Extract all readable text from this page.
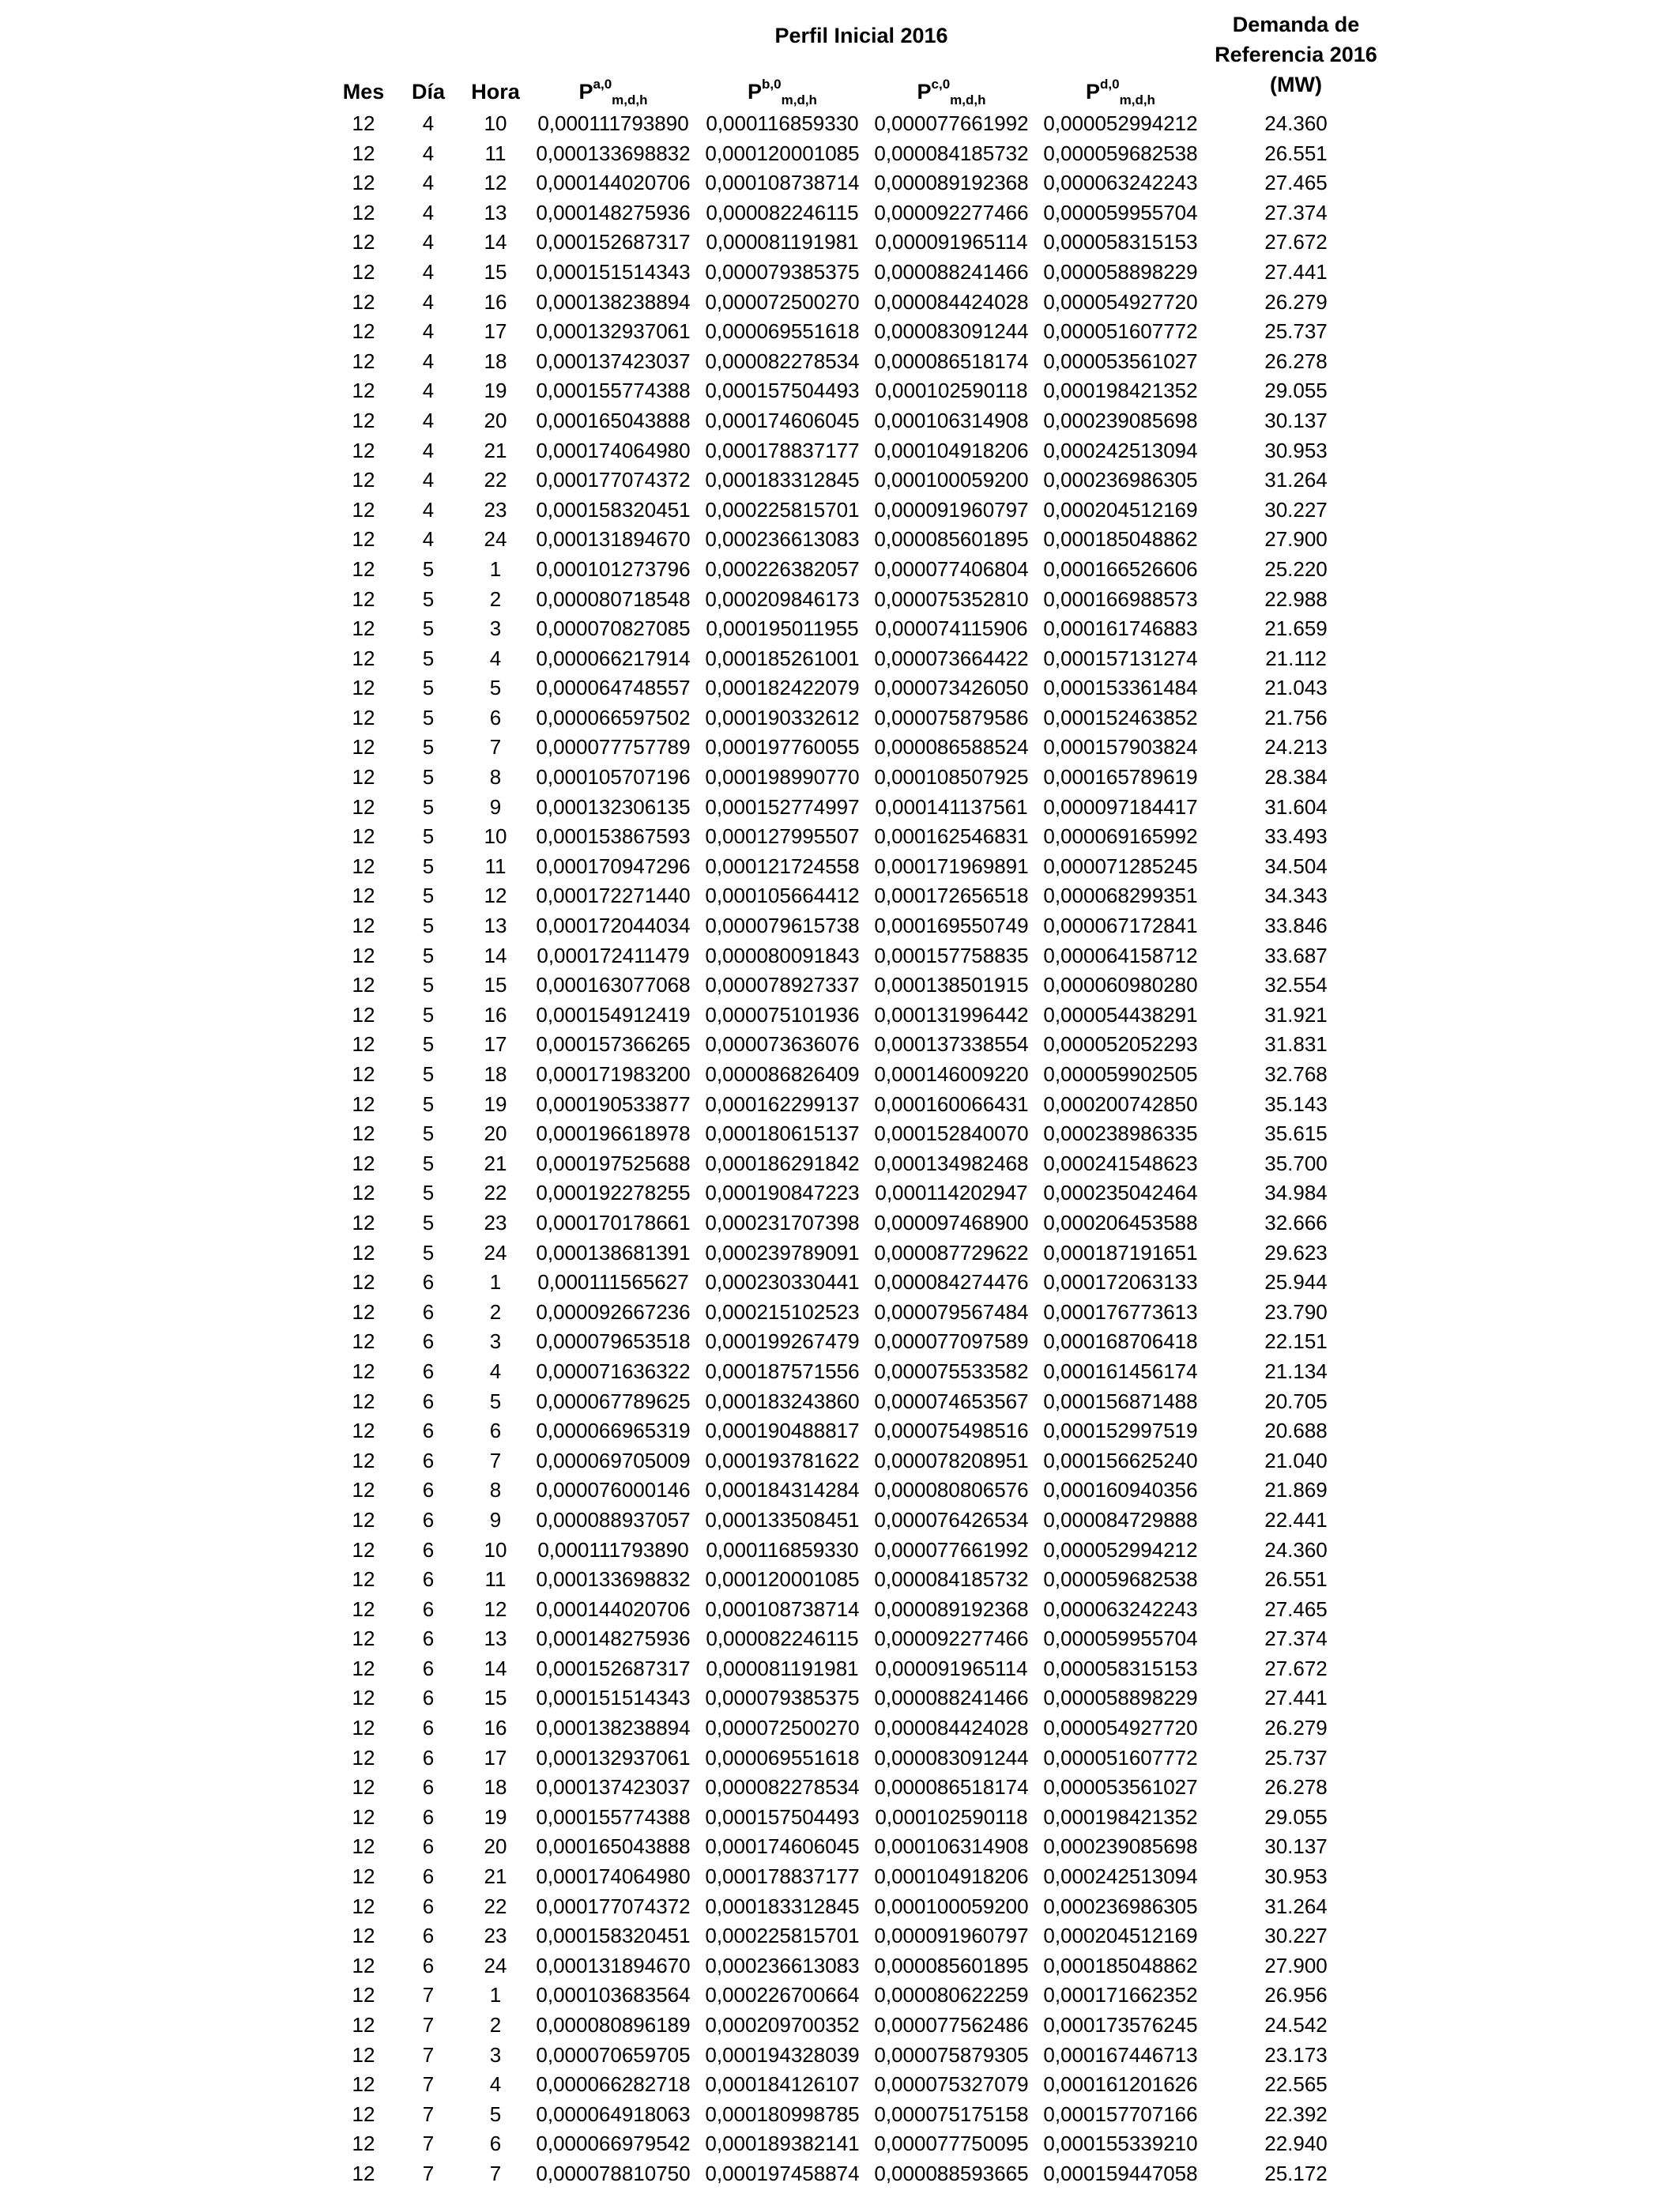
Perfil Inicial 2016	Demanda de
Referencia 2016
(MW)
Mes	Día	Hora	P$^{a,0}_{m,d,h}$	P$^{b,0}_{m,d,h}$	P$^{c,0}_{m,d,h}$	P$^{d,0}_{m,d,h}$
12	4	10	0,000111793890 0,000116859330 0,000077661992 0,000052994212	24.360
12	4	11	0,000133698832 0,000120001085 0,000084185732 0,000059682538	26.551
12	4	12	0,000144020706 0,000108738714 0,000089192368 0,000063242243	27.465
12	4	13	0,000148275936 0,000082246115 0,000092277466 0,000059955704	27.374
12	4	14	0,000152687317 0,000081191981 0,000091965114 0,000058315153	27.672
12	4	15	0,000151514343 0,000079385375 0,000088241466 0,000058898229	27.441
12	4	16	0,000138238894 0,000072500270 0,000084424028 0,000054927720	26.279
12	4	17	0,000132937061 0,000069551618 0,000083091244 0,000051607772	25.737
12	4	18	0,000137423037 0,000082278534 0,000086518174 0,000053561027	26.278
12	4	19	0,000155774388 0,000157504493 0,000102590118 0,000198421352	29.055
12	4	20	0,000165043888 0,000174606045 0,000106314908 0,000239085698	30.137
12	4	21	0,000174064980 0,000178837177 0,000104918206 0,000242513094	30.953
12	4	22	0,000177074372 0,000183312845 0,000100059200 0,000236986305	31.264
12	4	23	0,000158320451 0,000225815701 0,000091960797 0,000204512169	30.227
12	4	24	0,000131894670 0,000236613083 0,000085601895 0,000185048862	27.900
12	5	1	0,000101273796 0,000226382057 0,000077406804 0,000166526606	25.220
12	5	2	0,000080718548 0,000209846173 0,000075352810 0,000166988573	22.988
12	5	3	0,000070827085 0,000195011955 0,000074115906 0,000161746883	21.659
12	5	4	0,000066217914 0,000185261001 0,000073664422 0,000157131274	21.112
12	5	5	0,000064748557 0,000182422079 0,000073426050 0,000153361484	21.043
12	5	6	0,000066597502 0,000190332612 0,000075879586 0,000152463852	21.756
12	5	7	0,000077757789 0,000197760055 0,000086588524 0,000157903824	24.213
12	5	8	0,000105707196 0,000198990770 0,000108507925 0,000165789619	28.384
12	5	9	0,000132306135 0,000152774997 0,000141137561 0,000097184417	31.604
12	5	10	0,000153867593 0,000127995507 0,000162546831 0,000069165992	33.493
12	5	11	0,000170947296 0,000121724558 0,000171969891 0,000071285245	34.504
12	5	12	0,000172271440 0,000105664412 0,000172656518 0,000068299351	34.343
12	5	13	0,000172044034 0,000079615738 0,000169550749 0,000067172841	33.846
12	5	14	0,000172411479 0,000080091843 0,000157758835 0,000064158712	33.687
12	5	15	0,000163077068 0,000078927337 0,000138501915 0,000060980280	32.554
12	5	16	0,000154912419 0,000075101936 0,000131996442 0,000054438291	31.921
12	5	17	0,000157366265 0,000073636076 0,000137338554 0,000052052293	31.831
12	5	18	0,000171983200 0,000086826409 0,000146009220 0,000059902505	32.768
12	5	19	0,000190533877 0,000162299137 0,000160066431 0,000200742850	35.143
12	5	20	0,000196618978 0,000180615137 0,000152840070 0,000238986335	35.615
12	5	21	0,000197525688 0,000186291842 0,000134982468 0,000241548623	35.700
12	5	22	0,000192278255 0,000190847223 0,000114202947 0,000235042464	34.984
12	5	23	0,000170178661 0,000231707398 0,000097468900 0,000206453588	32.666
12	5	24	0,000138681391 0,000239789091 0,000087729622 0,000187191651	29.623
12	6	1	0,000111565627 0,000230330441 0,000084274476 0,000172063133	25.944
12	6	2	0,000092667236 0,000215102523 0,000079567484 0,000176773613	23.790
12	6	3	0,000079653518 0,000199267479 0,000077097589 0,000168706418	22.151
12	6	4	0,000071636322 0,000187571556 0,000075533582 0,000161456174	21.134
12	6	5	0,000067789625 0,000183243860 0,000074653567 0,000156871488	20.705
12	6	6	0,000066965319 0,000190488817 0,000075498516 0,000152997519	20.688
12	6	7	0,000069705009 0,000193781622 0,000078208951 0,000156625240	21.040
12	6	8	0,000076000146 0,000184314284 0,000080806576 0,000160940356	21.869
12	6	9	0,000088937057 0,000133508451 0,000076426534 0,000084729888	22.441
12	6	10	0,000111793890 0,000116859330 0,000077661992 0,000052994212	24.360
12	6	11	0,000133698832 0,000120001085 0,000084185732 0,000059682538	26.551
12	6	12	0,000144020706 0,000108738714 0,000089192368 0,000063242243	27.465
12	6	13	0,000148275936 0,000082246115 0,000092277466 0,000059955704	27.374
12	6	14	0,000152687317 0,000081191981 0,000091965114 0,000058315153	27.672
12	6	15	0,000151514343 0,000079385375 0,000088241466 0,000058898229	27.441
12	6	16	0,000138238894 0,000072500270 0,000084424028 0,000054927720	26.279
12	6	17	0,000132937061 0,000069551618 0,000083091244 0,000051607772	25.737
12	6	18	0,000137423037 0,000082278534 0,000086518174 0,000053561027	26.278
12	6	19	0,000155774388 0,000157504493 0,000102590118 0,000198421352	29.055
12	6	20	0,000165043888 0,000174606045 0,000106314908 0,000239085698	30.137
12	6	21	0,000174064980 0,000178837177 0,000104918206 0,000242513094	30.953
12	6	22	0,000177074372 0,000183312845 0,000100059200 0,000236986305	31.264
12	6	23	0,000158320451 0,000225815701 0,000091960797 0,000204512169	30.227
12	6	24	0,000131894670 0,000236613083 0,000085601895 0,000185048862	27.900
12	7	1	0,000103683564 0,000226700664 0,000080622259 0,000171662352	26.956
12	7	2	0,000080896189 0,000209700352 0,000077562486 0,000173576245	24.542
12	7	3	0,000070659705 0,000194328039 0,000075879305 0,000167446713	23.173
12	7	4	0,000066282718 0,000184126107 0,000075327079 0,000161201626	22.565
12	7	5	0,000064918063 0,000180998785 0,000075175158 0,000157707166	22.392
12	7	6	0,000066979542 0,000189382141 0,000077750095 0,000155339210	22.940
12	7	7	0,000078810750 0,000197458874 0,000088593665 0,000159447058	25.172
